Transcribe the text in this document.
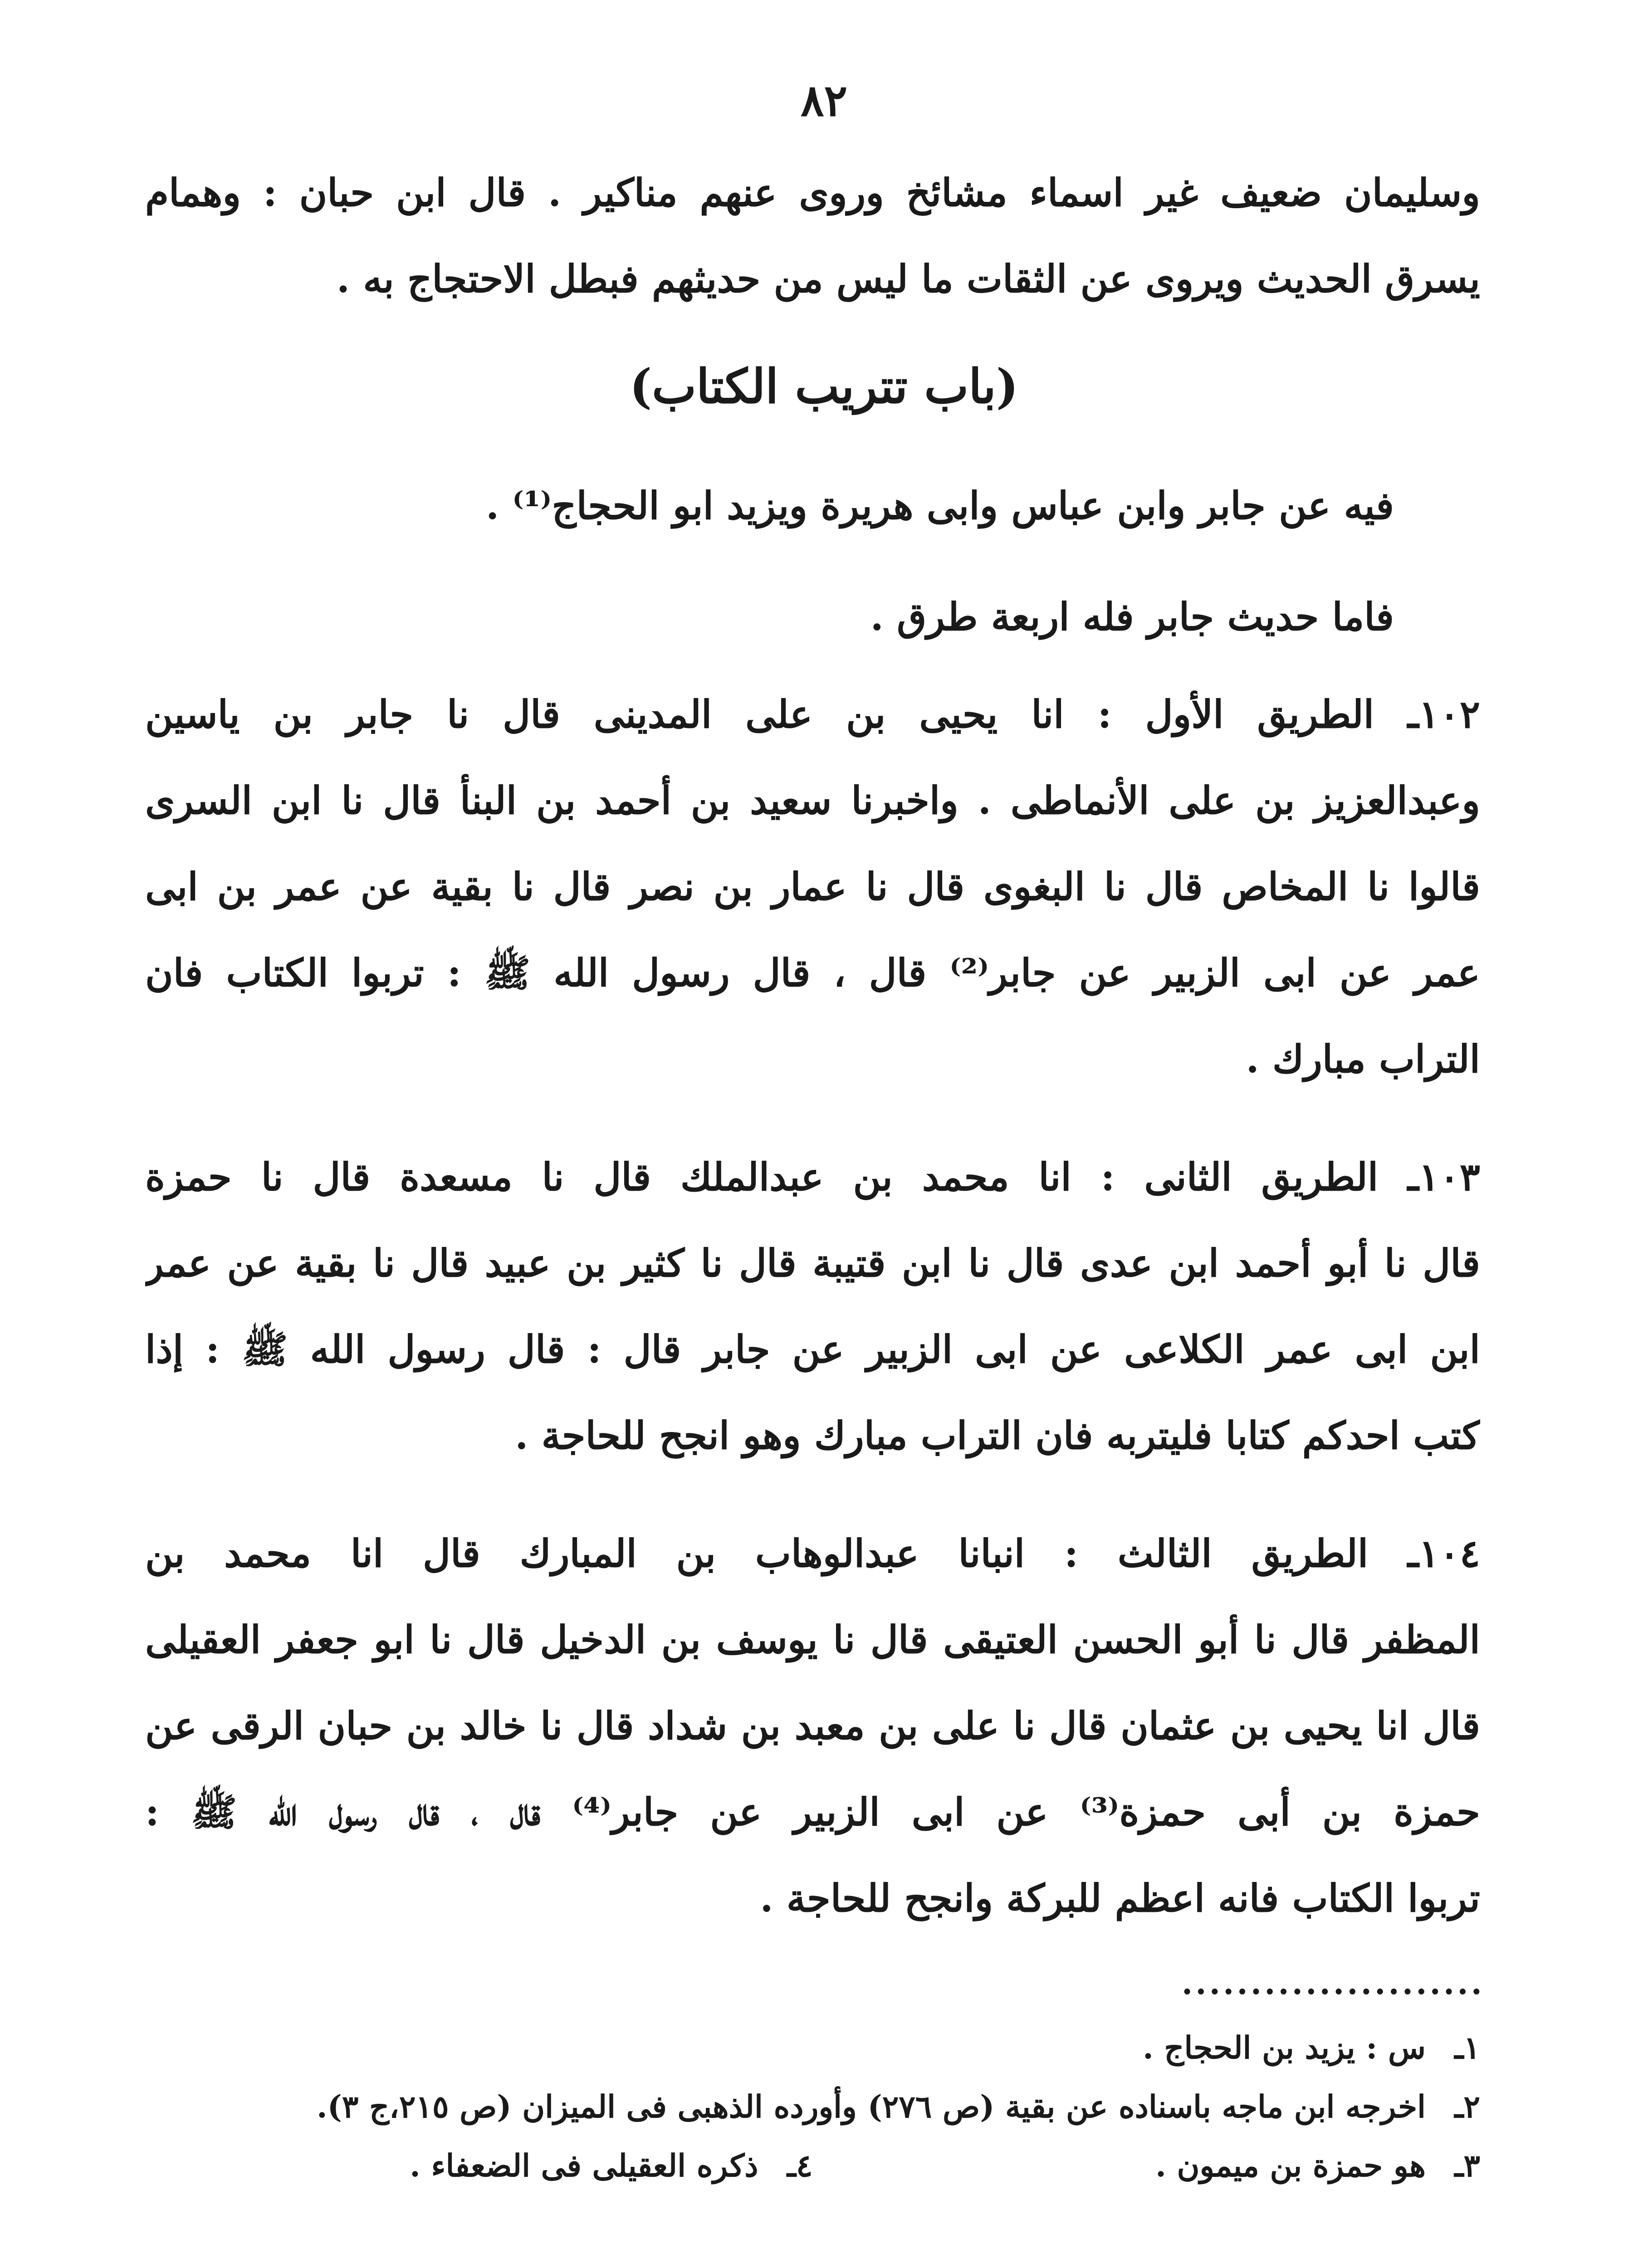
٨٢
وسليمان ضعيف غير اسماء مشائخ وروى عنهم مناكير . قال ابن حبان : وهمام
يسرق الحديث ويروى عن الثقات ما ليس من حديثهم فبطل الاحتجاج به .
(باب تتريب الكتاب)
فيه عن جابر وابن عباس وابى هريرة ويزيد ابو الحجاج⁽¹⁾ .
فاما حديث جابر فله اربعة طرق .
١٠٢ـ الطريق الأول : انا يحيى بن على المدينى قال نا جابر بن ياسين
وعبدالعزيز بن على الأنماطى . واخبرنا سعيد بن أحمد بن البنأ قال نا ابن السرى
قالوا نا المخاص قال نا البغوى قال نا عمار بن نصر قال نا بقية عن عمر بن ابى
عمر عن ابى الزبير عن جابر⁽²⁾ قال ، قال رسول الله ﷺ : تربوا الكتاب فان
التراب مبارك .
١٠٣ـ الطريق الثانى : انا محمد بن عبدالملك قال نا مسعدة قال نا حمزة
قال نا أبو أحمد ابن عدى قال نا ابن قتيبة قال نا كثير بن عبيد قال نا بقية عن عمر
ابن ابى عمر الكلاعى عن ابى الزبير عن جابر قال : قال رسول الله ﷺ : إذا
كتب احدكم كتابا فليتربه فان التراب مبارك وهو انجح للحاجة .
١٠٤ـ الطريق الثالث : انبانا عبدالوهاب بن المبارك قال انا محمد بن
المظفر قال نا أبو الحسن العتيقى قال نا يوسف بن الدخيل قال نا ابو جعفر العقيلى
قال انا يحيى بن عثمان قال نا على بن معبد بن شداد قال نا خالد بن حبان الرقى عن
حمزة بن أبى حمزة⁽³⁾ عن ابى الزبير عن جابر⁽⁴⁾ قال ، قال رسول الله ﷺ :
تربوا الكتاب فانه اعظم للبركة وانجح للحاجة .
......................
١ـس : يزيد بن الحجاج .
٢ـاخرجه ابن ماجه باسناده عن بقية (ص ٢٧٦) وأورده الذهبى فى الميزان (ص ٢١٥،ج ٣).
٣ـهو حمزة بن ميمون .
٤ـذكره العقيلى فى الضعفاء .
